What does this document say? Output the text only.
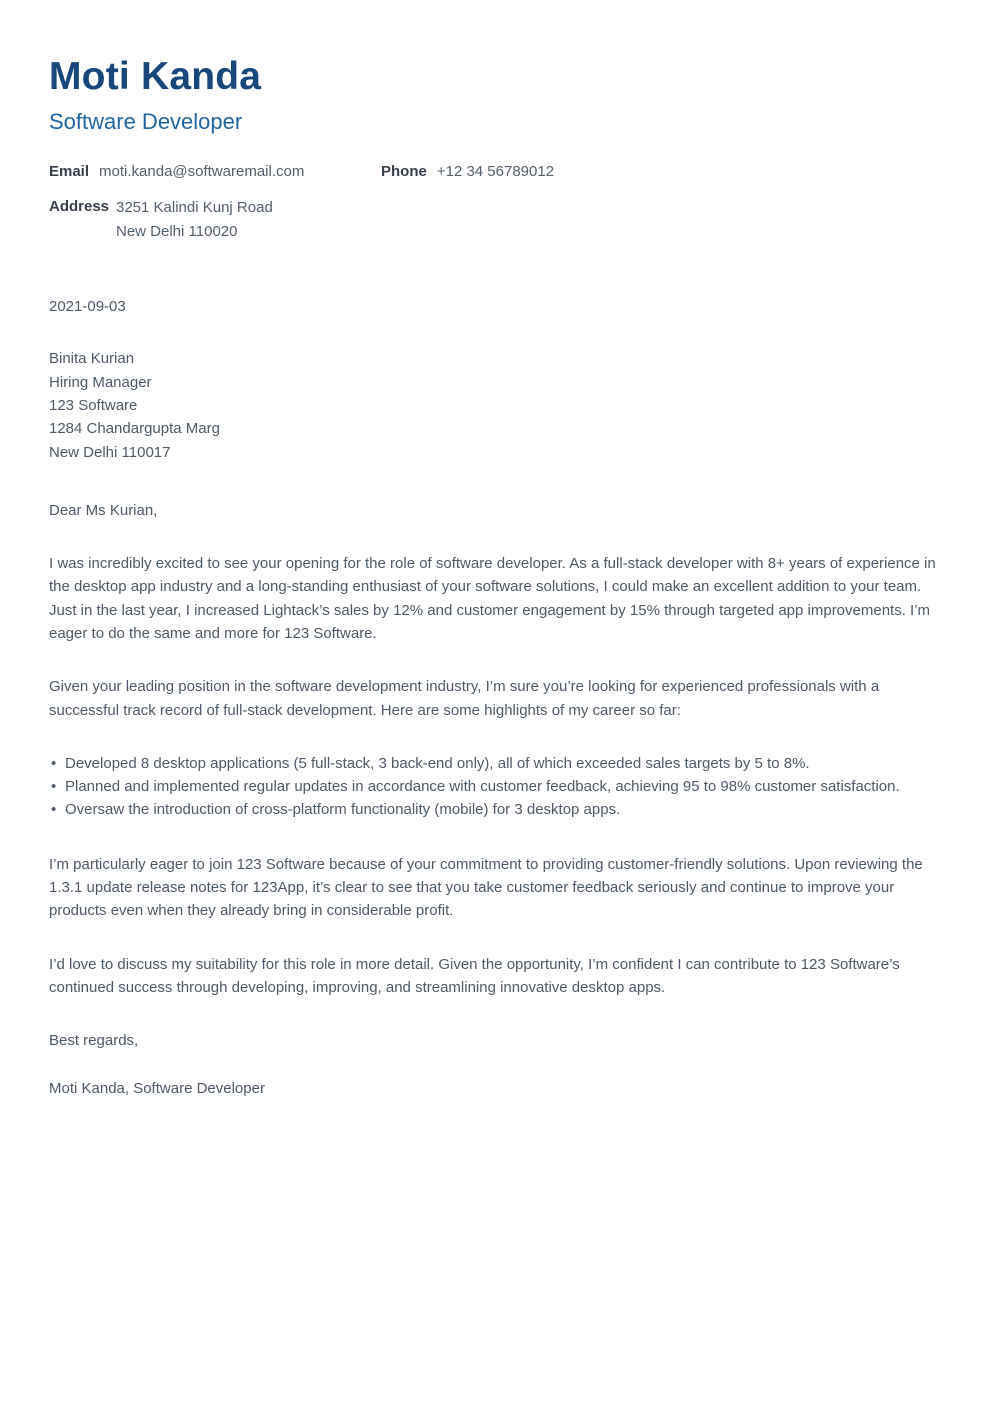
Moti Kanda
Software Developer
Email moti.kanda@softwaremail.com	Phone +12 34 56789012
Address 3251 Kalindi Kunj Road
New Delhi 110020
2021-09-03
Binita Kurian
Hiring Manager
123 Software
1284 Chandargupta Marg
New Delhi 110017
Dear Ms Kurian,

I was incredibly excited to see your opening for the role of software developer. As a full-stack developer with 8+ years of experience in the desktop app industry and a long-standing enthusiast of your software solutions, I could make an excellent addition to your team. Just in the last year, I increased Lightack’s sales by 12% and customer engagement by 15% through targeted app improvements. I’m eager to do the same and more for 123 Software.

Given your leading position in the software development industry, I’m sure you’re looking for experienced professionals with a successful track record of full-stack development. Here are some highlights of my career so far:

• Developed 8 desktop applications (5 full-stack, 3 back-end only), all of which exceeded sales targets by 5 to 8%.
• Planned and implemented regular updates in accordance with customer feedback, achieving 95 to 98% customer satisfaction.
• Oversaw the introduction of cross-platform functionality (mobile) for 3 desktop apps.

I’m particularly eager to join 123 Software because of your commitment to providing customer-friendly solutions. Upon reviewing the 1.3.1 update release notes for 123App, it’s clear to see that you take customer feedback seriously and continue to improve your products even when they already bring in considerable profit.

I’d love to discuss my suitability for this role in more detail. Given the opportunity, I’m confident I can contribute to 123 Software’s continued success through developing, improving, and streamlining innovative desktop apps.

Best regards,
Moti Kanda, Software Developer
